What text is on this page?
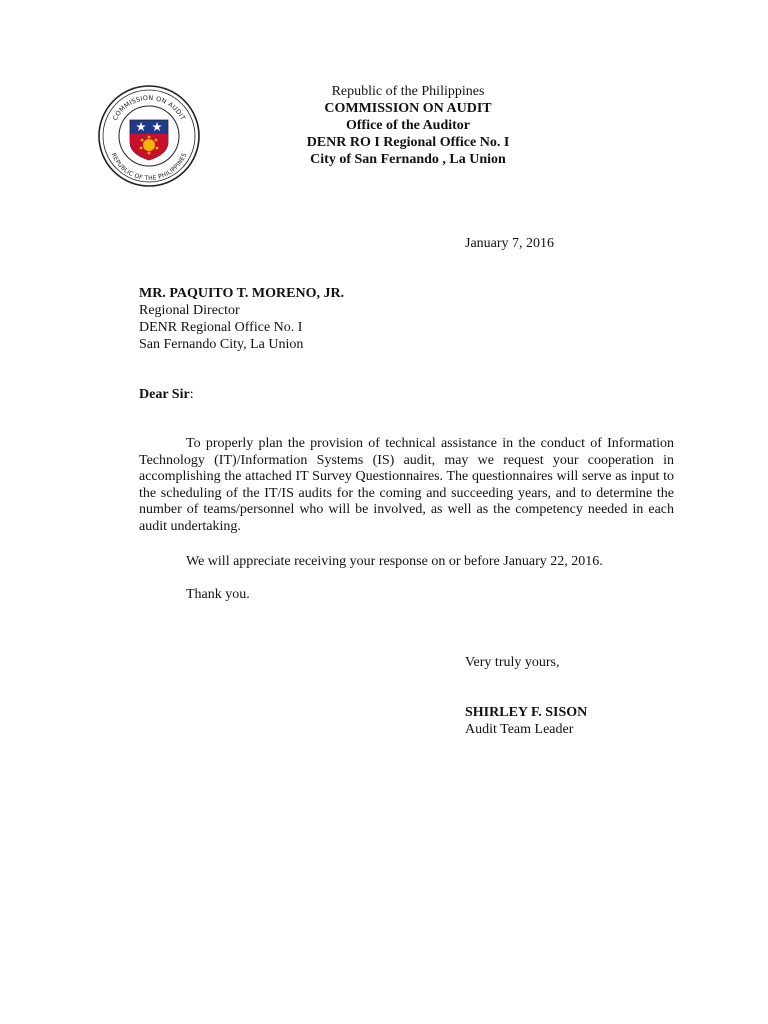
COMMISSION ON AUDIT
REPUBLIC OF THE PHILIPPINES
Republic of the Philippines
COMMISSION ON AUDIT
Office of the Auditor
DENR RO I Regional Office No. I
City of San Fernando , La Union
January 7, 2016
MR. PAQUITO T. MORENO, JR.
Regional Director
DENR Regional Office No. I
San Fernando City, La Union
Dear Sir:
To properly plan the provision of technical assistance in the conduct of Information Technology (IT)/Information Systems (IS) audit, may we request your cooperation in accomplishing the attached IT Survey Questionnaires. The questionnaires will serve as input to the scheduling of the IT/IS audits for the coming and succeeding years, and to determine the number of teams/personnel who will be involved, as well as the competency needed in each audit undertaking.
We will appreciate receiving your response on or before January 22, 2016.
Thank you.
Very truly yours,
SHIRLEY F. SISON
Audit Team Leader
